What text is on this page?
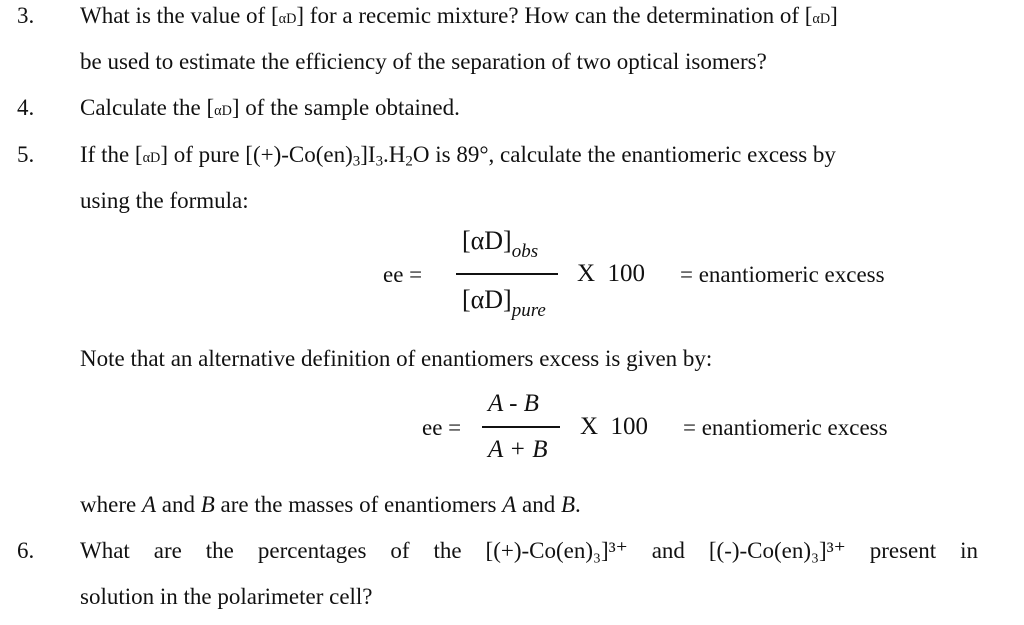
3. What is the value of [αD] for a recemic mixture? How can the determination of [αD]
be used to estimate the efficiency of the separation of two optical isomers?
4. Calculate the [αD] of the sample obtained.
5. If the [αD] of pure $[(+)-Co(en)_3]I_3.H_2O$ is 89°, calculate the enantiomeric excess by
using the formula:
ee =
$[\alpha D]_{obs}$
$[\alpha D]_{pure}$
X  100 = enantiomeric excess
Note that an alternative definition of enantiomers excess is given by:
ee =
A - B
A + B
X  100 = enantiomeric excess
where A and B are the masses of enantiomers A and B.
6. What are the percentages of the [(+)-Co(en)₃]³⁺ and [(-)-Co(en)₃]³⁺ present in
solution in the polarimeter cell?
